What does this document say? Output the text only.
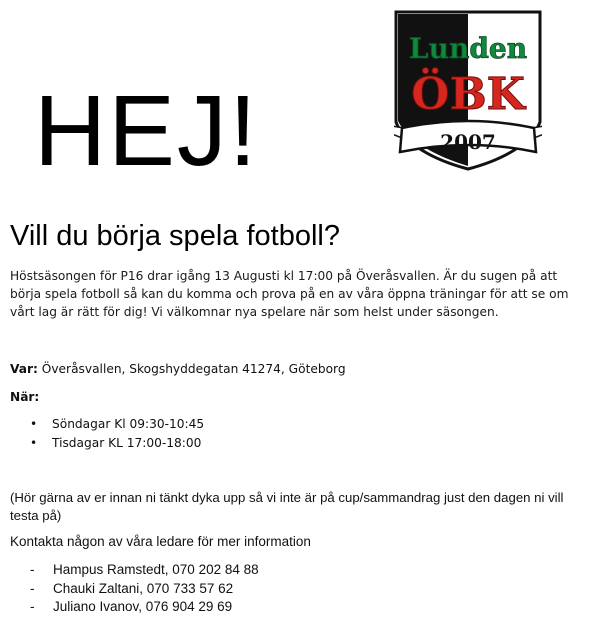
HEJ!
Lunden
ÖBK
2007
Vill du börja spela fotboll?

Höstsäsongen för P16 drar igång 13 Augusti kl 17:00 på Överåsvallen. Är du sugen på att börja spela fotboll så kan du komma och prova på en av våra öppna träningar för att se om vårt lag är rätt för dig! Vi välkomnar nya spelare när som helst under säsongen.

Var: Överåsvallen, Skogshyddegatan 41274, Göteborg

När:

• Söndagar Kl 09:30-10:45
• Tisdagar KL 17:00-18:00

(Hör gärna av er innan ni tänkt dyka upp så vi inte är på cup/sammandrag just den dagen ni vill testa på)

Kontakta någon av våra ledare för mer information

- Hampus Ramstedt, 070 202 84 88
- Chauki Zaltani, 070 733 57 62
- Juliano Ivanov, 076 904 29 69
